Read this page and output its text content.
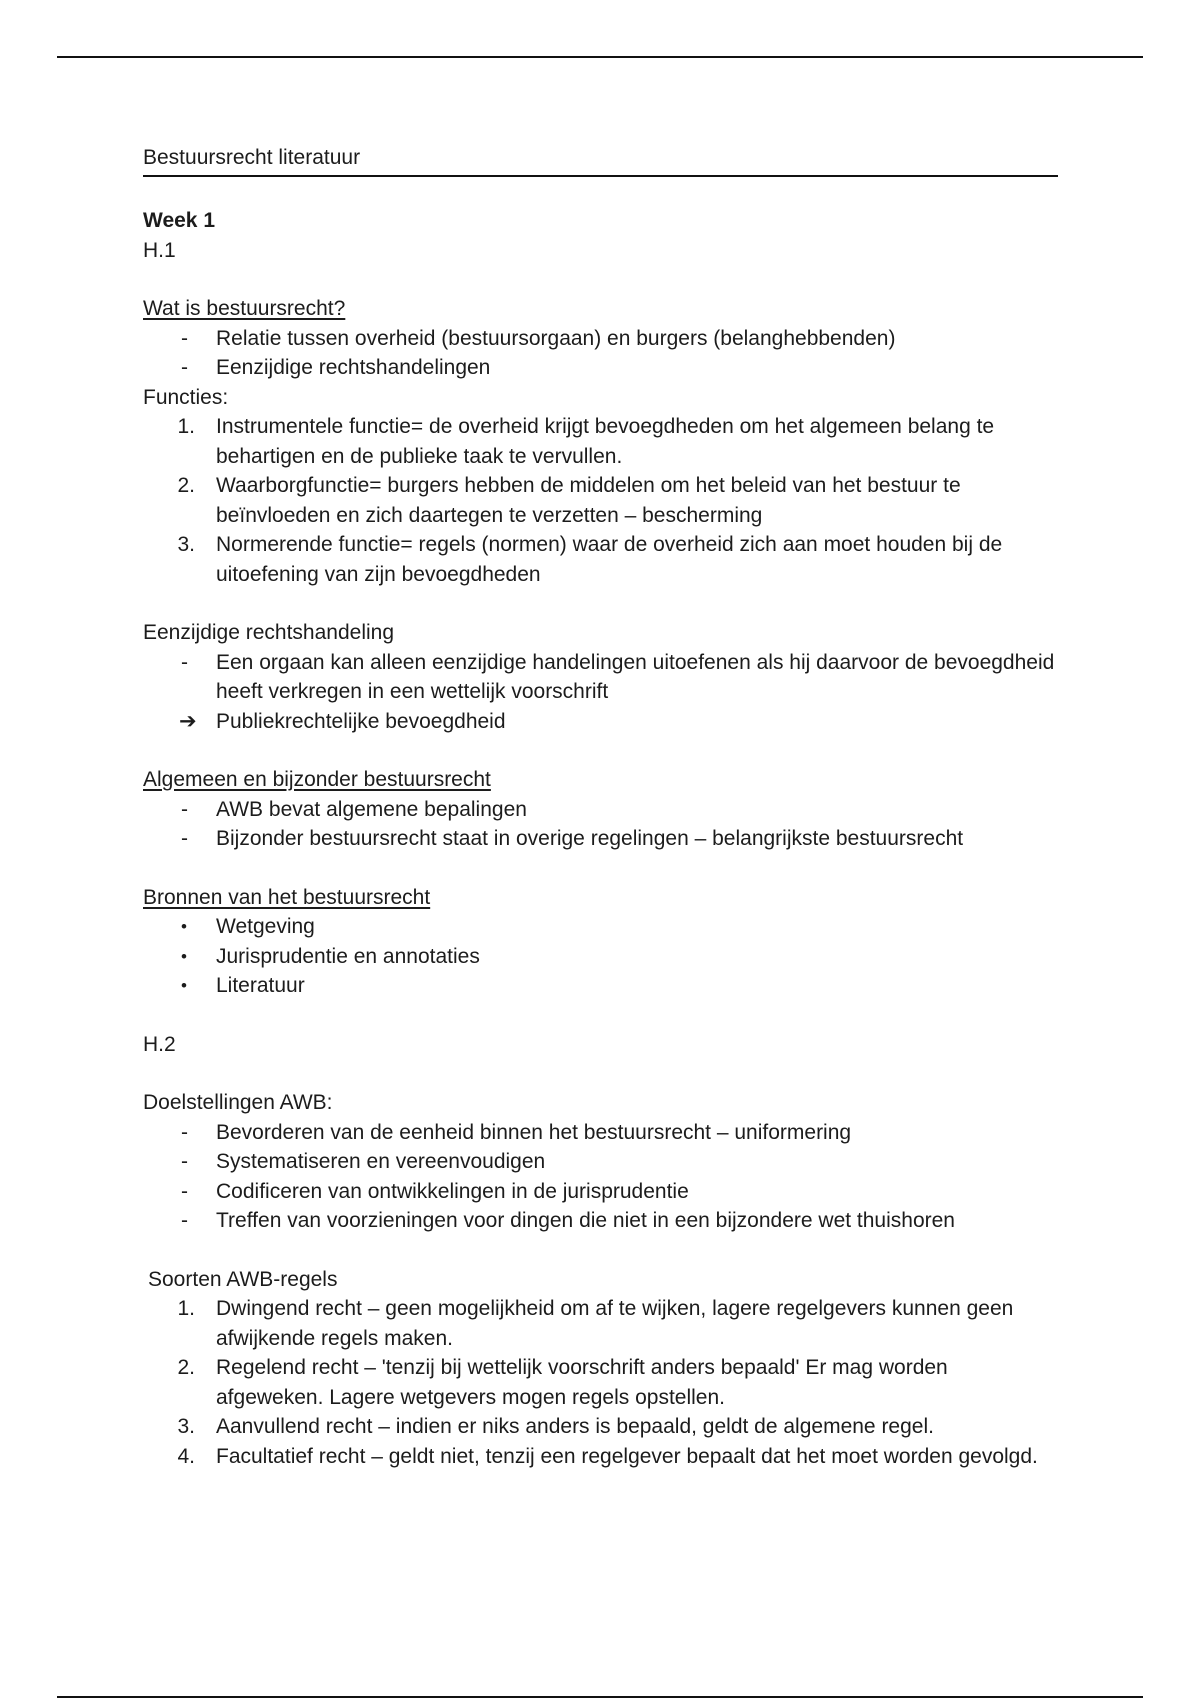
Bestuursrecht literatuur
Week 1
H.1
Wat is bestuursrecht?
-	Relatie tussen overheid (bestuursorgaan) en burgers (belanghebbenden)
-	Eenzijdige rechtshandelingen
Functies:
1. Instrumentele functie= de overheid krijgt bevoegdheden om het algemeen belang te behartigen en de publieke taak te vervullen.
2. Waarborgfunctie= burgers hebben de middelen om het beleid van het bestuur te beïnvloeden en zich daartegen te verzetten – bescherming
3. Normerende functie= regels (normen) waar de overheid zich aan moet houden bij de uitoefening van zijn bevoegdheden
Eenzijdige rechtshandeling
-	Een orgaan kan alleen eenzijdige handelingen uitoefenen als hij daarvoor de bevoegdheid heeft verkregen in een wettelijk voorschrift
➔ Publiekrechtelijke bevoegdheid
Algemeen en bijzonder bestuursrecht
-	AWB bevat algemene bepalingen
-	Bijzonder bestuursrecht staat in overige regelingen – belangrijkste bestuursrecht
Bronnen van het bestuursrecht
•	Wetgeving
•	Jurisprudentie en annotaties
•	Literatuur
H.2
Doelstellingen AWB:
-	Bevorderen van de eenheid binnen het bestuursrecht – uniformering
-	Systematiseren en vereenvoudigen
-	Codificeren van ontwikkelingen in de jurisprudentie
-	Treffen van voorzieningen voor dingen die niet in een bijzondere wet thuishoren
Soorten AWB-regels
1. Dwingend recht – geen mogelijkheid om af te wijken, lagere regelgevers kunnen geen afwijkende regels maken.
2. Regelend recht – 'tenzij bij wettelijk voorschrift anders bepaald' Er mag worden afgeweken. Lagere wetgevers mogen regels opstellen.
3. Aanvullend recht – indien er niks anders is bepaald, geldt de algemene regel.
4. Facultatief recht – geldt niet, tenzij een regelgever bepaalt dat het moet worden gevolgd.
